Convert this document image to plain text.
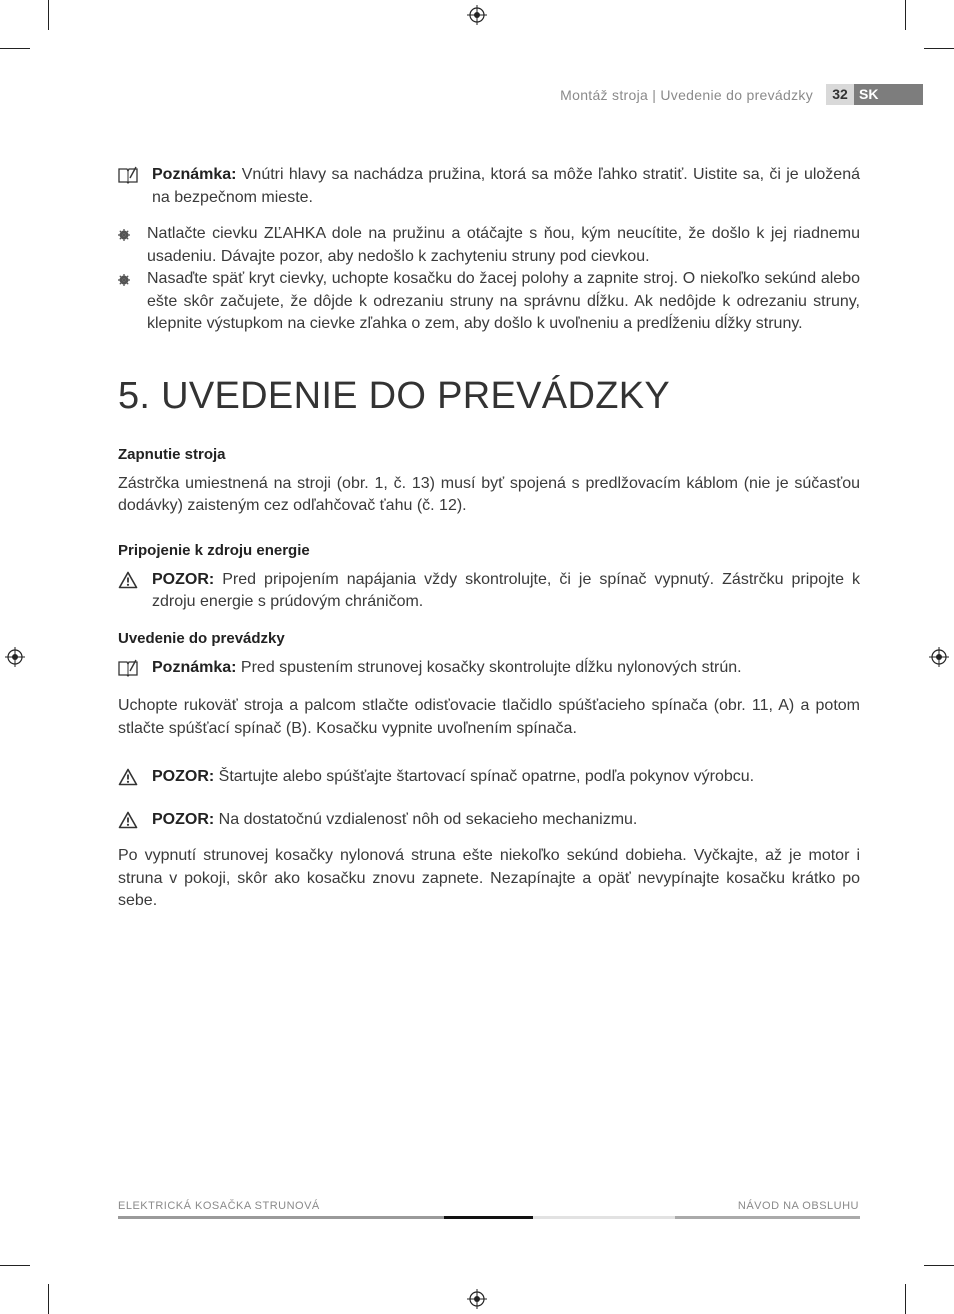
Montáž stroja | Uvedenie do prevádzky	32 SK

Poznámka: Vnútri hlavy sa nachádza pružina, ktorá sa môže ľahko stratiť. Uistite sa, či je uložená na bezpečnom mieste.

Natlačte cievku ZĽAHKA dole na pružinu a otáčajte s ňou, kým neucítite, že došlo k jej riadnemu usadeniu. Dávajte pozor, aby nedošlo k zachyteniu struny pod cievkou.

Nasaďte späť kryt cievky, uchopte kosačku do žacej polohy a zapnite stroj. O niekoľko sekúnd alebo ešte skôr začujete, že dôjde k odrezaniu struny na správnu dĺžku. Ak nedôjde k odrezaniu struny, klepnite výstupkom na cievke zľahka o zem, aby došlo k uvoľneniu a predĺženiu dĺžky struny.

5. UVEDENIE DO PREVÁDZKY
Zapnutie stroja

Zástrčka umiestnená na stroji (obr. 1, č. 13) musí byť spojená s predlžovacím káblom (nie je súčasťou dodávky) zaisteným cez odľahčovač ťahu (č. 12).

Pripojenie k zdroju energie

POZOR: Pred pripojením napájania vždy skontrolujte, či je spínač vypnutý. Zástrčku pripojte k zdroju energie s prúdovým chráničom.

Uvedenie do prevádzky

Poznámka: Pred spustením strunovej kosačky skontrolujte dĺžku nylonových strún.

Uchopte rukoväť stroja a palcom stlačte odisťovacie tlačidlo spúšťacieho spínača (obr. 11, A) a potom stlačte spúšťací spínač (B). Kosačku vypnite uvoľnením spínača.

POZOR: Štartujte alebo spúšťajte štartovací spínač opatrne, podľa pokynov výrobcu.

POZOR: Na dostatočnú vzdialenosť nôh od sekacieho mechanizmu.

Po vypnutí strunovej kosačky nylonová struna ešte niekoľko sekúnd dobieha. Vyčkajte, až je motor i struna v pokoji, skôr ako kosačku znovu zapnete. Nezapínajte a opäť nevypínajte kosačku krátko po sebe.

ELEKTRICKÁ KOSAČKA STRUNOVÁ	NÁVOD NA OBSLUHU
